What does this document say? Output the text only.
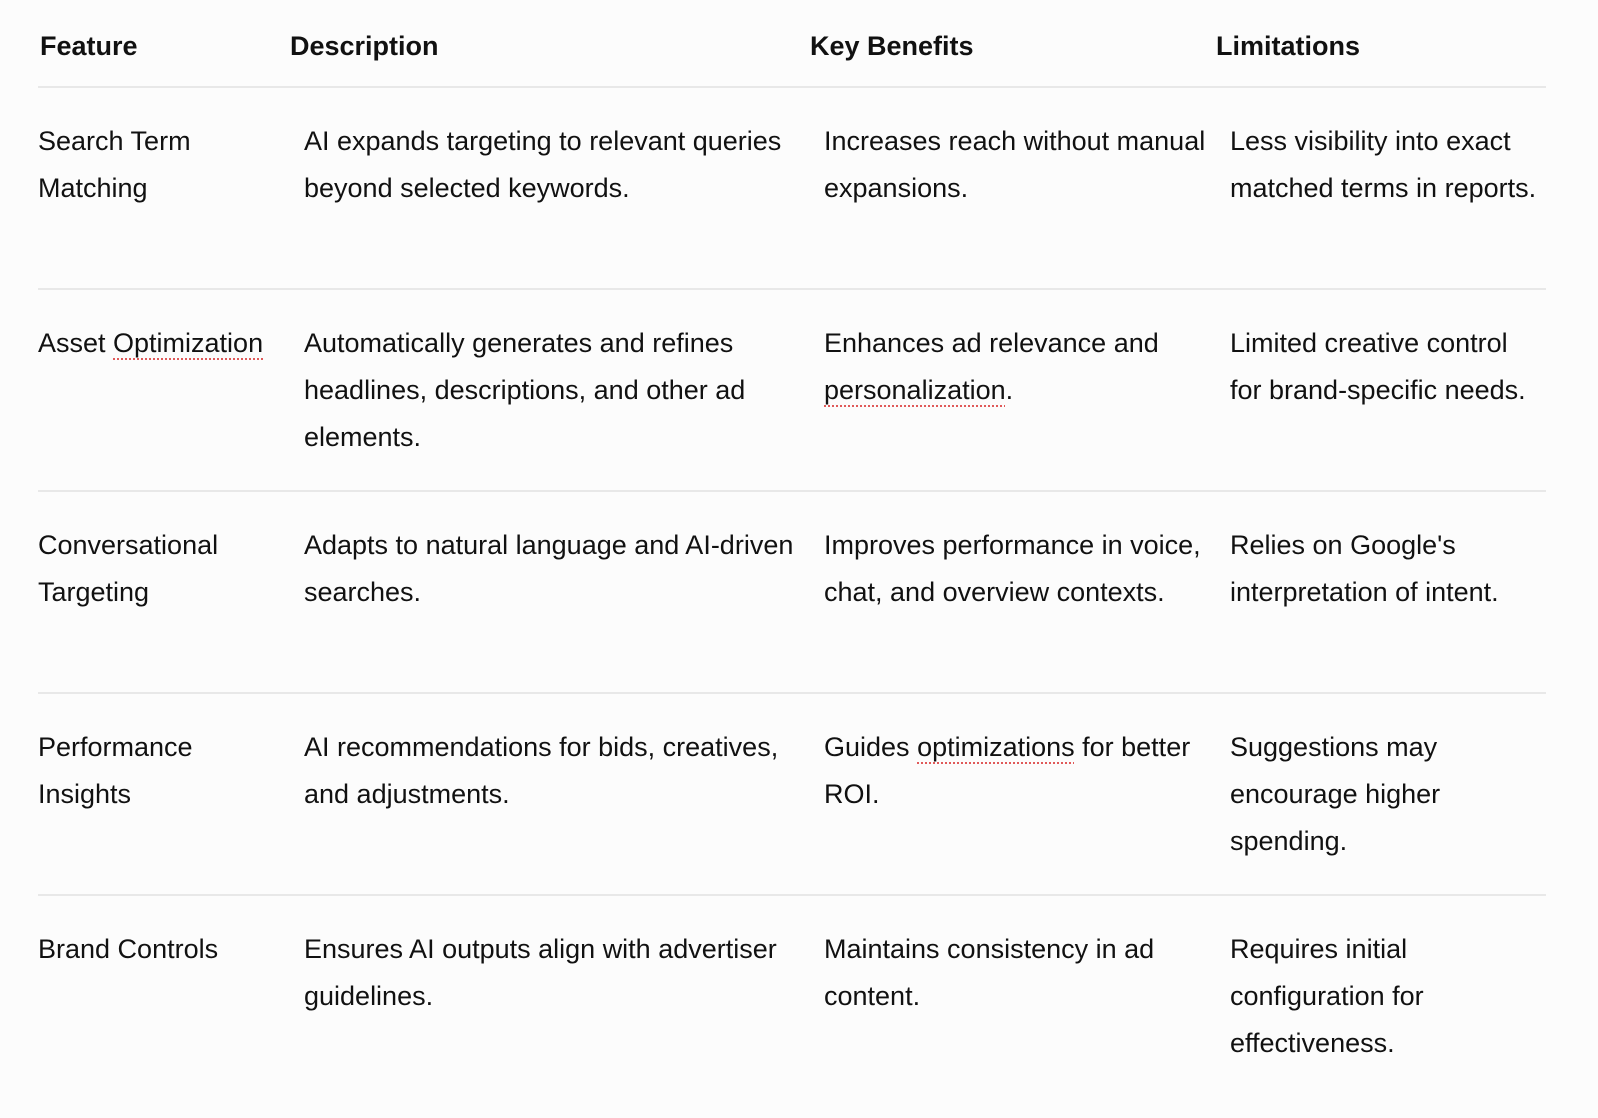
Feature	Description	Key Benefits	Limitations
Search Term Matching	AI expands targeting to relevant queries beyond selected keywords.	Increases reach without manual expansions.	Less visibility into exact matched terms in reports.
Asset Optimization	Automatically generates and refines headlines, descriptions, and other ad elements.	Enhances ad relevance and personalization.	Limited creative control for brand-specific needs.
Conversational Targeting	Adapts to natural language and AI-driven searches.	Improves performance in voice, chat, and overview contexts.	Relies on Google's interpretation of intent.
Performance Insights	AI recommendations for bids, creatives, and adjustments.	Guides optimizations for better ROI.	Suggestions may encourage higher spending.
Brand Controls	Ensures AI outputs align with advertiser guidelines.	Maintains consistency in ad content.	Requires initial configuration for effectiveness.
